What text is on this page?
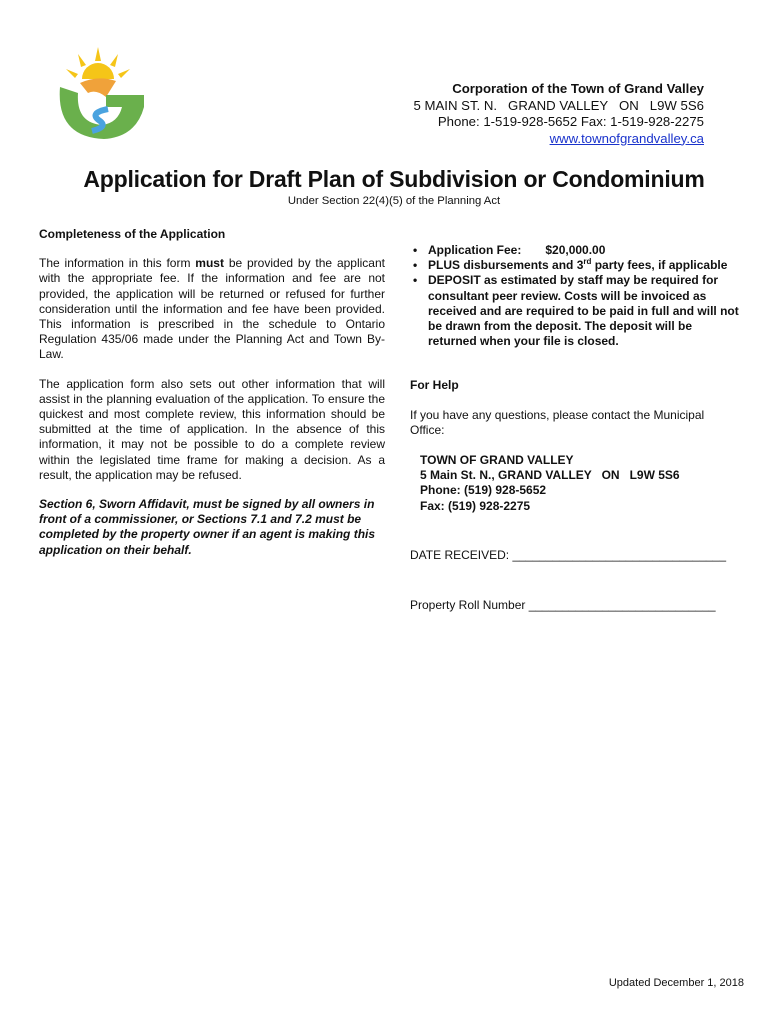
Corporation of the Town of Grand Valley
5 MAIN ST. N.   GRAND VALLEY   ON   L9W 5S6
Phone: 1-519-928-5652 Fax: 1-519-928-2275
www.townofgrandvalley.ca
Application for Draft Plan of Subdivision or Condominium
Under Section 22(4)(5) of the Planning Act
Completeness of the Application

The information in this form must be provided by the applicant with the appropriate fee. If the information and fee are not provided, the application will be returned or refused for further consideration until the information and fee have been provided. This information is prescribed in the schedule to Ontario Regulation 435/06 made under the Planning Act and Town By-Law.

The application form also sets out other information that will assist in the planning evaluation of the application. To ensure the quickest and most complete review, this information should be submitted at the time of application. In the absence of this information, it may not be possible to do a complete review within the legislated time frame for making a decision. As a result, the application may be refused.

Section 6, Sworn Affidavit, must be signed by all owners in front of a commissioner, or Sections 7.1 and 7.2 must be completed by the property owner if an agent is making this application on their behalf.

• Application Fee: $20,000.00
• PLUS disbursements and 3rd party fees, if applicable
• DEPOSIT as estimated by staff may be required for consultant peer review. Costs will be invoiced as received and are required to be paid in full and will not be drawn from the deposit. The deposit will be returned when your file is closed.
For Help
If you have any questions, please contact the Municipal Office:
TOWN OF GRAND VALLEY
5 Main St. N., GRAND VALLEY   ON   L9W 5S6
Phone: (519) 928-5652
Fax: (519) 928-2275
DATE RECEIVED: ________________________________
Property Roll Number ____________________________
Updated December 1, 2018
